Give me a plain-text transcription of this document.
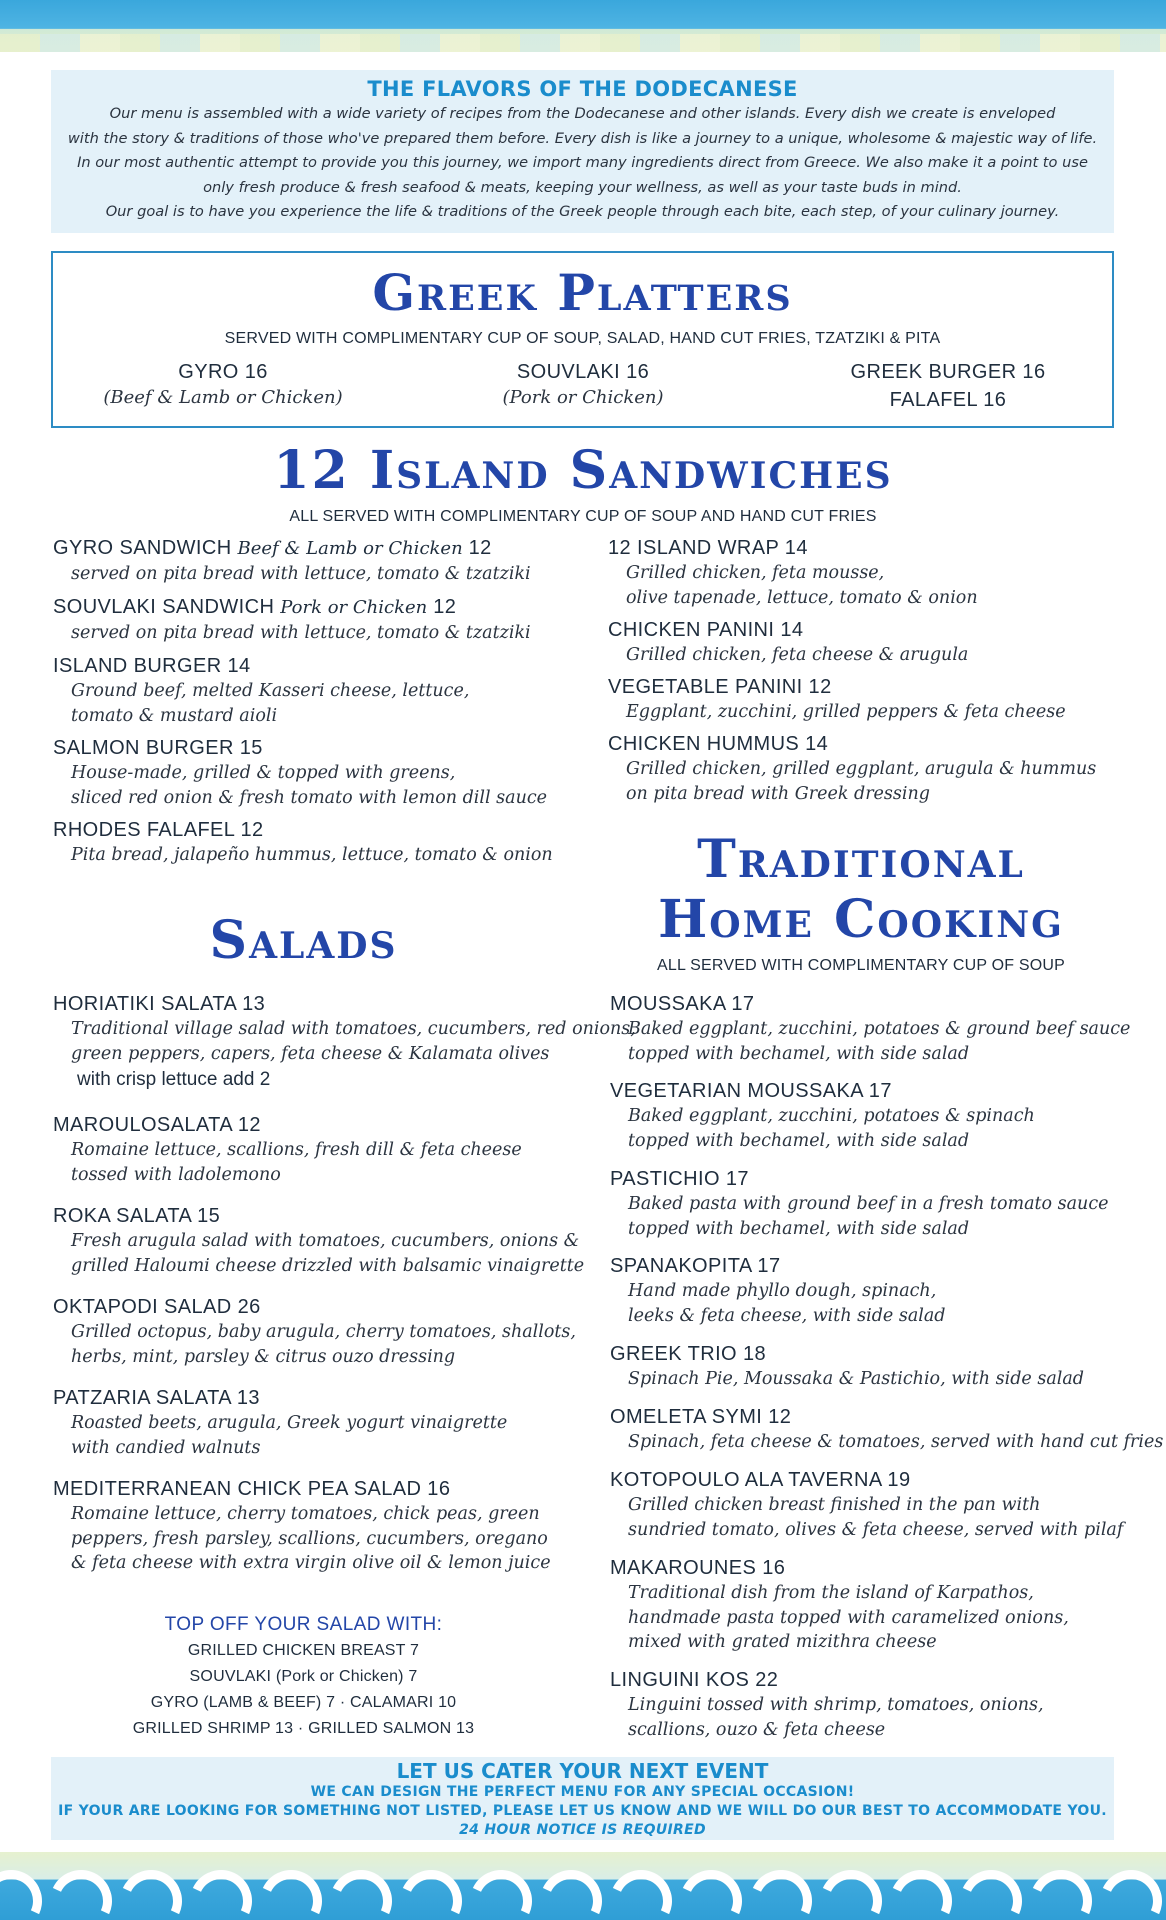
THE FLAVORS OF THE DODECANESE
Our menu is assembled with a wide variety of recipes from the Dodecanese and other islands. Every dish we create is enveloped
with the story & traditions of those who've prepared them before. Every dish is like a journey to a unique, wholesome & majestic way of life.
In our most authentic attempt to provide you this journey, we import many ingredients direct from Greece. We also make it a point to use
only fresh produce & fresh seafood & meats, keeping your wellness, as well as your taste buds in mind.
Our goal is to have you experience the life & traditions of the Greek people through each bite, each step, of your culinary journey.
Greek Platters
SERVED WITH COMPLIMENTARY CUP OF SOUP, SALAD, HAND CUT FRIES, TZATZIKI & PITA
GYRO 16
(Beef & Lamb or Chicken)
SOUVLAKI 16
(Pork or Chicken)
GREEK BURGER 16
FALAFEL 16
12 Island Sandwiches
ALL SERVED WITH COMPLIMENTARY CUP OF SOUP AND HAND CUT FRIES
GYRO SANDWICH Beef & Lamb or Chicken 12
served on pita bread with lettuce, tomato & tzatziki
SOUVLAKI SANDWICH Pork or Chicken 12
served on pita bread with lettuce, tomato & tzatziki
ISLAND BURGER 14
Ground beef, melted Kasseri cheese, lettuce,
tomato & mustard aioli
SALMON BURGER 15
House-made, grilled & topped with greens,
sliced red onion & fresh tomato with lemon dill sauce
RHODES FALAFEL 12
Pita bread, jalapeño hummus, lettuce, tomato & onion
12 ISLAND WRAP 14
Grilled chicken, feta mousse,
olive tapenade, lettuce, tomato & onion
CHICKEN PANINI 14
Grilled chicken, feta cheese & arugula
VEGETABLE PANINI 12
Eggplant, zucchini, grilled peppers & feta cheese
CHICKEN HUMMUS 14
Grilled chicken, grilled eggplant, arugula & hummus
on pita bread with Greek dressing
Salads
HORIATIKI SALATA 13
Traditional village salad with tomatoes, cucumbers, red onions,
green peppers, capers, feta cheese & Kalamata olives
with crisp lettuce add 2
MAROULOSALATA 12
Romaine lettuce, scallions, fresh dill & feta cheese
tossed with ladolemono
ROKA SALATA 15
Fresh arugula salad with tomatoes, cucumbers, onions &
grilled Haloumi cheese drizzled with balsamic vinaigrette
OKTAPODI SALAD 26
Grilled octopus, baby arugula, cherry tomatoes, shallots,
herbs, mint, parsley & citrus ouzo dressing
PATZARIA SALATA 13
Roasted beets, arugula, Greek yogurt vinaigrette
with candied walnuts
MEDITERRANEAN CHICK PEA SALAD 16
Romaine lettuce, cherry tomatoes, chick peas, green
peppers, fresh parsley, scallions, cucumbers, oregano
& feta cheese with extra virgin olive oil & lemon juice
TOP OFF YOUR SALAD WITH:
GRILLED CHICKEN BREAST 7
SOUVLAKI (Pork or Chicken) 7
GYRO (LAMB & BEEF) 7 · CALAMARI 10
GRILLED SHRIMP 13 · GRILLED SALMON 13
Traditional
Home Cooking
ALL SERVED WITH COMPLIMENTARY CUP OF SOUP
MOUSSAKA 17
Baked eggplant, zucchini, potatoes & ground beef sauce
topped with bechamel, with side salad
VEGETARIAN MOUSSAKA 17
Baked eggplant, zucchini, potatoes & spinach
topped with bechamel, with side salad
PASTICHIO 17
Baked pasta with ground beef in a fresh tomato sauce
topped with bechamel, with side salad
SPANAKOPITA 17
Hand made phyllo dough, spinach,
leeks & feta cheese, with side salad
GREEK TRIO 18
Spinach Pie, Moussaka & Pastichio, with side salad
OMELETA SYMI 12
Spinach, feta cheese & tomatoes, served with hand cut fries
KOTOPOULO ALA TAVERNA 19
Grilled chicken breast finished in the pan with
sundried tomato, olives & feta cheese, served with pilaf
MAKAROUNES 16
Traditional dish from the island of Karpathos,
handmade pasta topped with caramelized onions,
mixed with grated mizithra cheese
LINGUINI KOS 22
Linguini tossed with shrimp, tomatoes, onions,
scallions, ouzo & feta cheese
LET US CATER YOUR NEXT EVENT
WE CAN DESIGN THE PERFECT MENU FOR ANY SPECIAL OCCASION!
IF YOUR ARE LOOKING FOR SOMETHING NOT LISTED, PLEASE LET US KNOW AND WE WILL DO OUR BEST TO ACCOMMODATE YOU.
24 HOUR NOTICE IS REQUIRED
